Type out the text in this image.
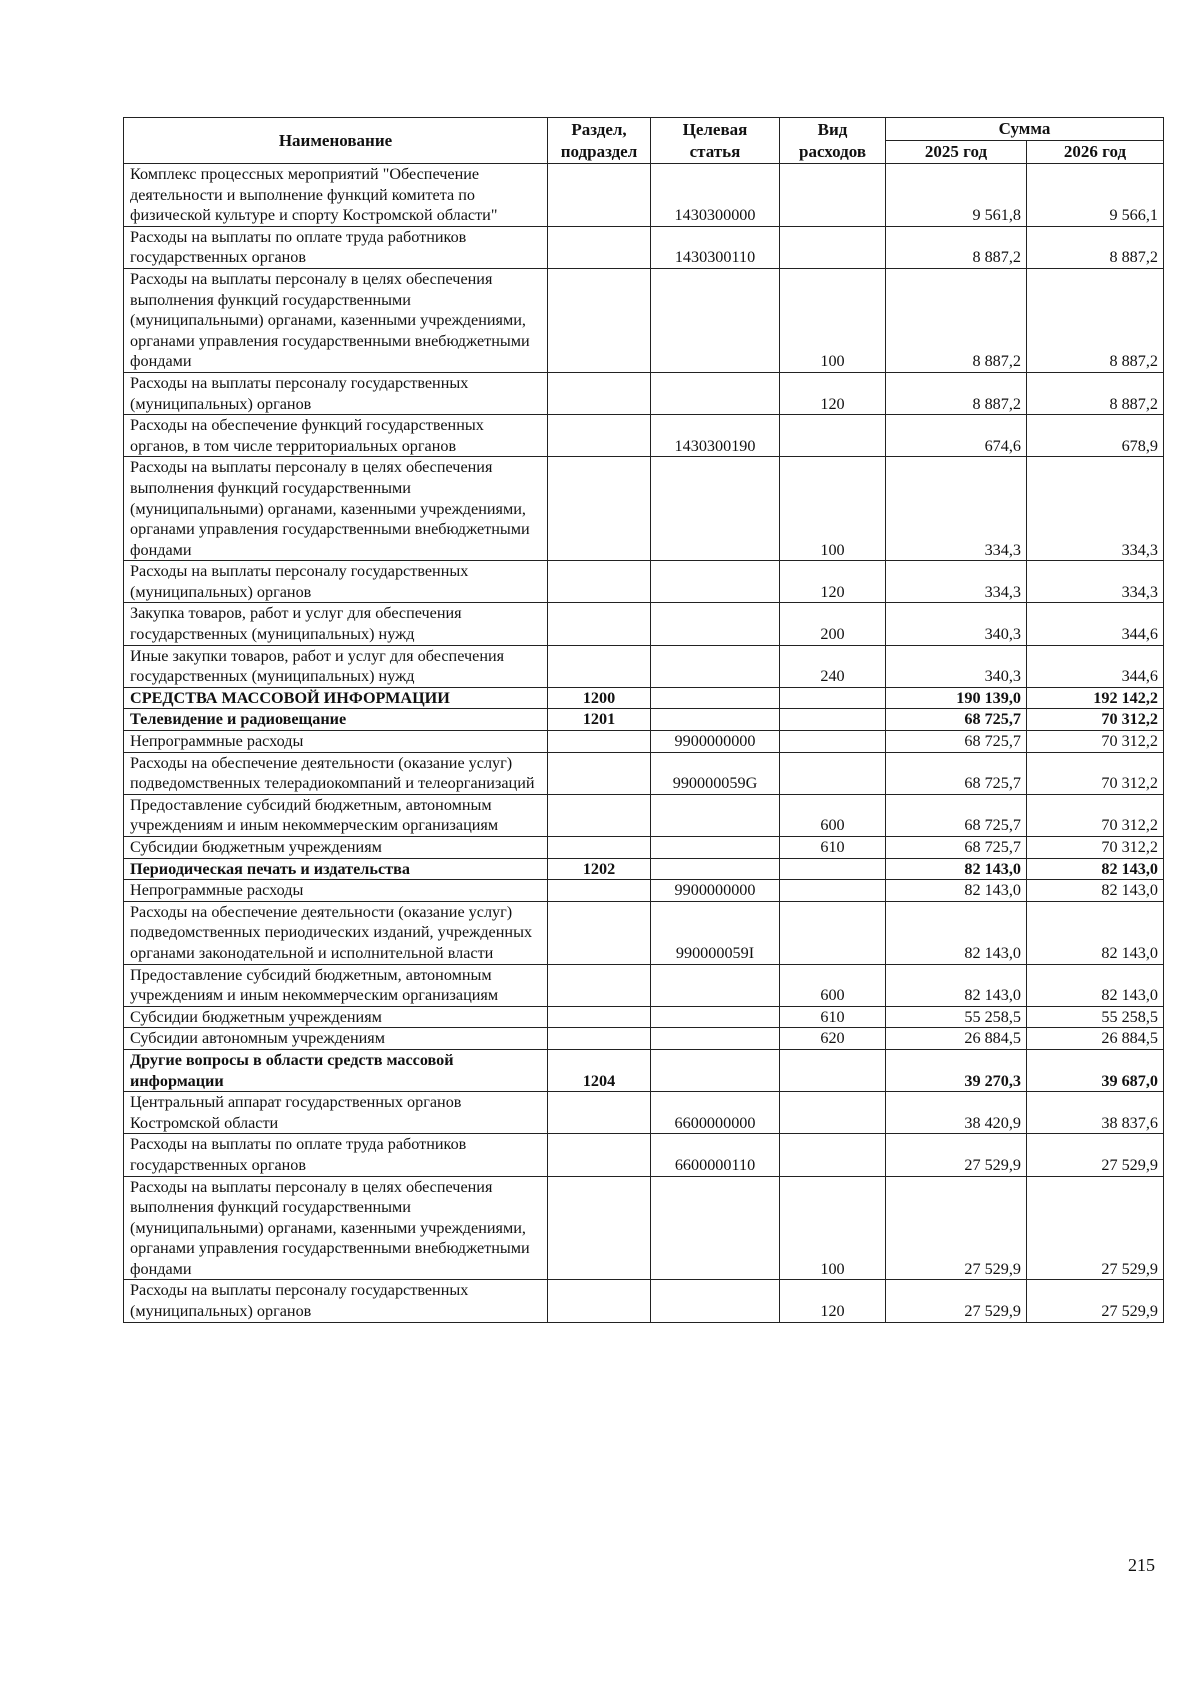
Наименование	Раздел, подраздел	Целевая статья	Вид расходов	Сумма	
				2025 год	2026 год
Комплекс процессных мероприятий "Обеспечение деятельности и выполнение функций комитета по физической культуре и спорту Костромской области"		1430300000		9 561,8	9 566,1
Расходы на выплаты по оплате труда работников государственных органов		1430300110		8 887,2	8 887,2
Расходы на выплаты персоналу в целях обеспечения выполнения функций государственными (муниципальными) органами, казенными учреждениями, органами управления государственными внебюджетными фондами			100	8 887,2	8 887,2
Расходы на выплаты персоналу государственных (муниципальных) органов			120	8 887,2	8 887,2
Расходы на обеспечение функций государственных органов, в том числе территориальных органов		1430300190		674,6	678,9
Расходы на выплаты персоналу в целях обеспечения выполнения функций государственными (муниципальными) органами, казенными учреждениями, органами управления государственными внебюджетными фондами			100	334,3	334,3
Расходы на выплаты персоналу государственных (муниципальных) органов			120	334,3	334,3
Закупка товаров, работ и услуг для обеспечения государственных (муниципальных) нужд			200	340,3	344,6
Иные закупки товаров, работ и услуг для обеспечения государственных (муниципальных) нужд			240	340,3	344,6
СРЕДСТВА МАССОВОЙ ИНФОРМАЦИИ	1200			190 139,0	192 142,2
Телевидение и радиовещание	1201			68 725,7	70 312,2
Непрограммные расходы		9900000000		68 725,7	70 312,2
Расходы на обеспечение деятельности (оказание услуг) подведомственных телерадиокомпаний и телеорганизаций		990000059G		68 725,7	70 312,2
Предоставление субсидий бюджетным, автономным учреждениям и иным некоммерческим организациям			600	68 725,7	70 312,2
Субсидии бюджетным учреждениям			610	68 725,7	70 312,2
Периодическая печать и издательства	1202			82 143,0	82 143,0
Непрограммные расходы		9900000000		82 143,0	82 143,0
Расходы на обеспечение деятельности (оказание услуг) подведомственных периодических изданий, учрежденных органами законодательной и исполнительной власти		990000059I		82 143,0	82 143,0
Предоставление субсидий бюджетным, автономным учреждениям и иным некоммерческим организациям			600	82 143,0	82 143,0
Субсидии бюджетным учреждениям			610	55 258,5	55 258,5
Субсидии автономным учреждениям			620	26 884,5	26 884,5
Другие вопросы в области средств массовой информации	1204			39 270,3	39 687,0
Центральный аппарат государственных органов Костромской области		6600000000		38 420,9	38 837,6
Расходы на выплаты по оплате труда работников государственных органов		6600000110		27 529,9	27 529,9
Расходы на выплаты персоналу в целях обеспечения выполнения функций государственными (муниципальными) органами, казенными учреждениями, органами управления государственными внебюджетными фондами			100	27 529,9	27 529,9
Расходы на выплаты персоналу государственных (муниципальных) органов			120	27 529,9	27 529,9
215
